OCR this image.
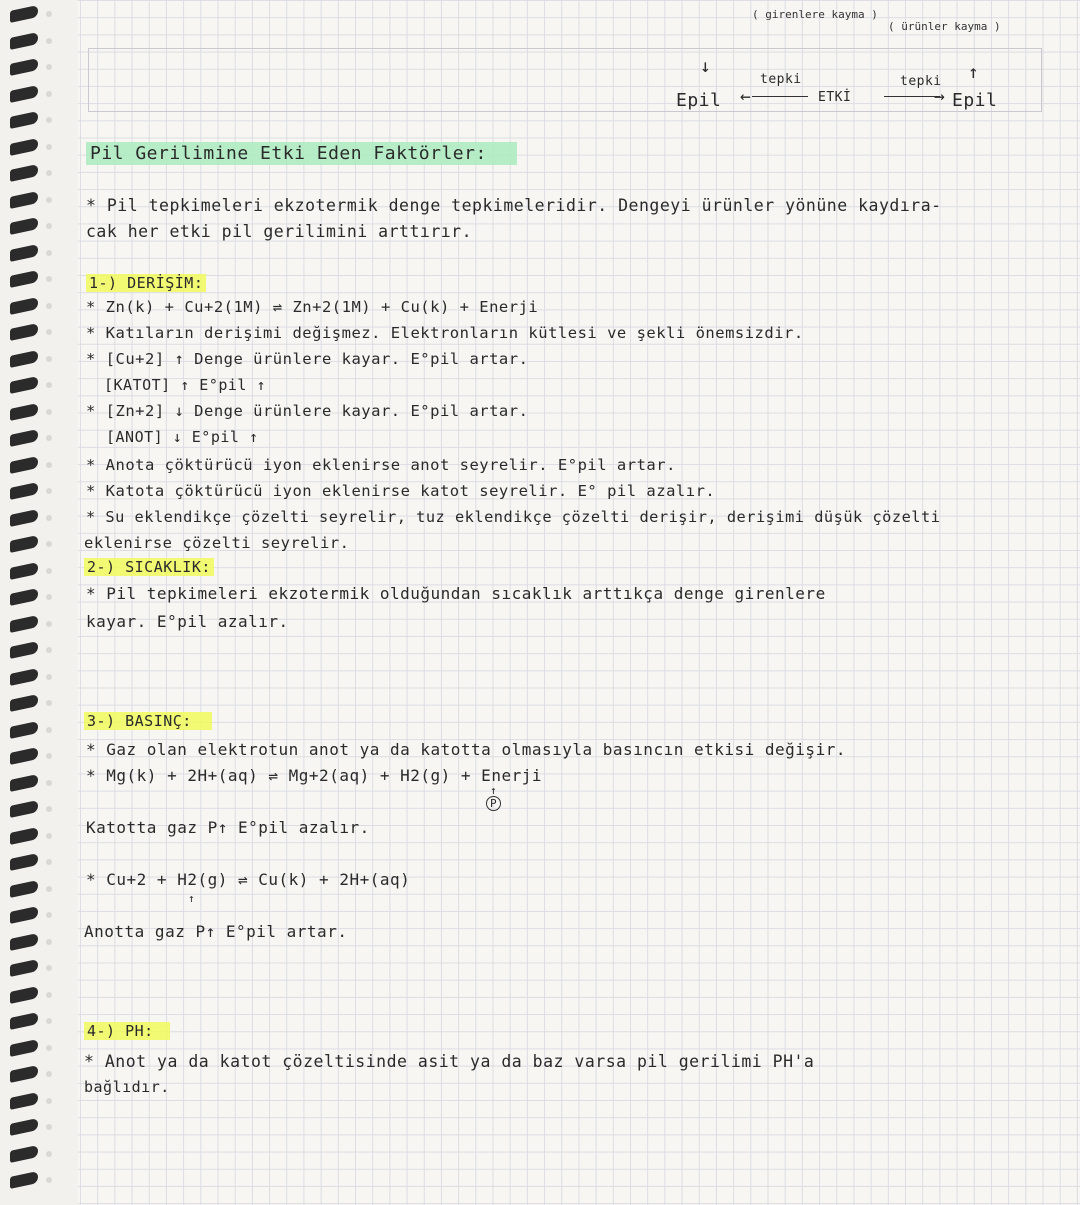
( girenlere kayma )
( ürünler kayma )
tepki	tepki
↓
Epil ←	ETKİ	→
↑
Epil
Pil Gerilimine Etki Eden Faktörler:
* Pil tepkimeleri ekzotermik denge tepkimeleridir. Dengeyi ürünler yönüne kaydıra-
cak her etki pil gerilimini arttırır.
1-) DERİŞİM:
* Zn(k) + Cu+2(1M) ⇌ Zn+2(1M) + Cu(k) + Enerji
* Katıların derişimi değişmez. Elektronların kütlesi ve şekli önemsizdir.
* [Cu+2] ↑ Denge ürünlere kayar. E°pil artar.
[KATOT] ↑ E°pil ↑
* [Zn+2] ↓ Denge ürünlere kayar. E°pil artar.
[ANOT] ↓ E°pil ↑
* Anota çöktürücü iyon eklenirse anot seyrelir. E°pil artar.
* Katota çöktürücü iyon eklenirse katot seyrelir. E° pil azalır.
* Su eklendikçe çözelti seyrelir, tuz eklendikçe çözelti derişir, derişimi düşük çözelti
eklenirse çözelti seyrelir.
2-) SICAKLIK:
* Pil tepkimeleri ekzotermik olduğundan sıcaklık arttıkça denge girenlere
kayar. E°pil azalır.
3-) BASINÇ:
* Gaz olan elektrotun anot ya da katotta olmasıyla basıncın etkisi değişir.
* Mg(k) + 2H+(aq) ⇌ Mg+2(aq) + H2(g) + Enerji
↑
P
Katotta gaz P↑ E°pil azalır.
* Cu+2 + H2(g) ⇌ Cu(k) + 2H+(aq)
↑
Anotta gaz P↑ E°pil artar.
4-) PH:
* Anot ya da katot çözeltisinde asit ya da baz varsa pil gerilimi PH'a
bağlıdır.
